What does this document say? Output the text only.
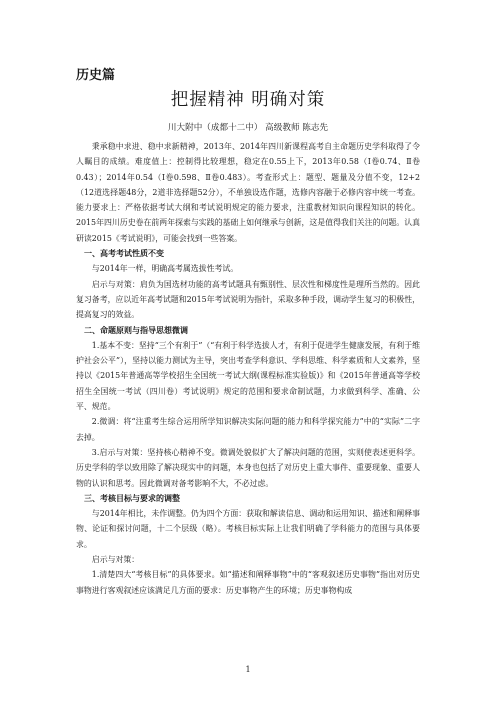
历史篇
把握精神 明确对策
川大附中（成都十二中） 高级教师 陈志先

秉承稳中求进、稳中求新精神，2013年、2014年四川新课程高考自主命题历史学科取得了令人瞩目的成绩。难度值上：控制得比较理想，稳定在0.55上下，2013年0.58（Ⅰ卷0.74、Ⅱ卷0.43）；2014年0.54（Ⅰ卷0.598、Ⅱ卷0.483）。考查形式上：题型、题量及分值不变，12+2（12道选择题48分，2道非选择题52分），不单独设选作题，选修内容融于必修内容中统一考查。能力要求上：严格依据考试大纲和考试说明规定的能力要求，注重教材知识向课程知识的转化。2015年四川历史卷在前两年探索与实践的基础上如何继承与创新，这是值得我们关注的问题。认真研读2015《考试说明》，可能会找到一些答案。

一、高考考试性质不变

与2014年一样，明确高考属选拔性考试。

启示与对策：肩负为国选材功能的高考试题具有甄别性、层次性和梯度性是理所当然的。因此复习备考，应以近年高考试题和2015年考试说明为指针，采取多种手段，调动学生复习的积极性，提高复习的效益。

二、命题原则与指导思想微调

1.基本不变：坚持“三个有利于”（“有利于科学选拔人才，有利于促进学生健康发展，有利于维护社会公平”），坚持以能力测试为主导，突出考查学科意识、学科思维、科学素质和人文素养，坚持以《2015年普通高等学校招生全国统一考试大纲(课程标准实验版)》和《2015年普通高等学校招生全国统一考试（四川卷）考试说明》规定的范围和要求命制试题，力求做到科学、准确、公平、规范。

2.微调：将“注重考生综合运用所学知识解决实际问题的能力和科学探究能力”中的“实际”二字去掉。

3.启示与对策：坚持核心精神不变。微调处貌似扩大了解决问题的范围，实则使表述更科学。历史学科的学以致用除了解决现实中的问题，本身也包括了对历史上重大事件、重要现象、重要人物的认识和思考。因此微调对备考影响不大，不必过虑。

三、考核目标与要求的调整

与2014年相比，未作调整。仍为四个方面：获取和解读信息、调动和运用知识、描述和阐释事物、论证和探讨问题，十二个层级（略）。考核目标实际上让我们明确了学科能力的范围与具体要求。

启示与对策：

1.清楚四大“考核目标”的具体要求。如“描述和阐释事物”中的“客观叙述历史事物”指出对历史事物进行客观叙述应该满足几方面的要求：历史事物产生的环境；历史事物构成

1
